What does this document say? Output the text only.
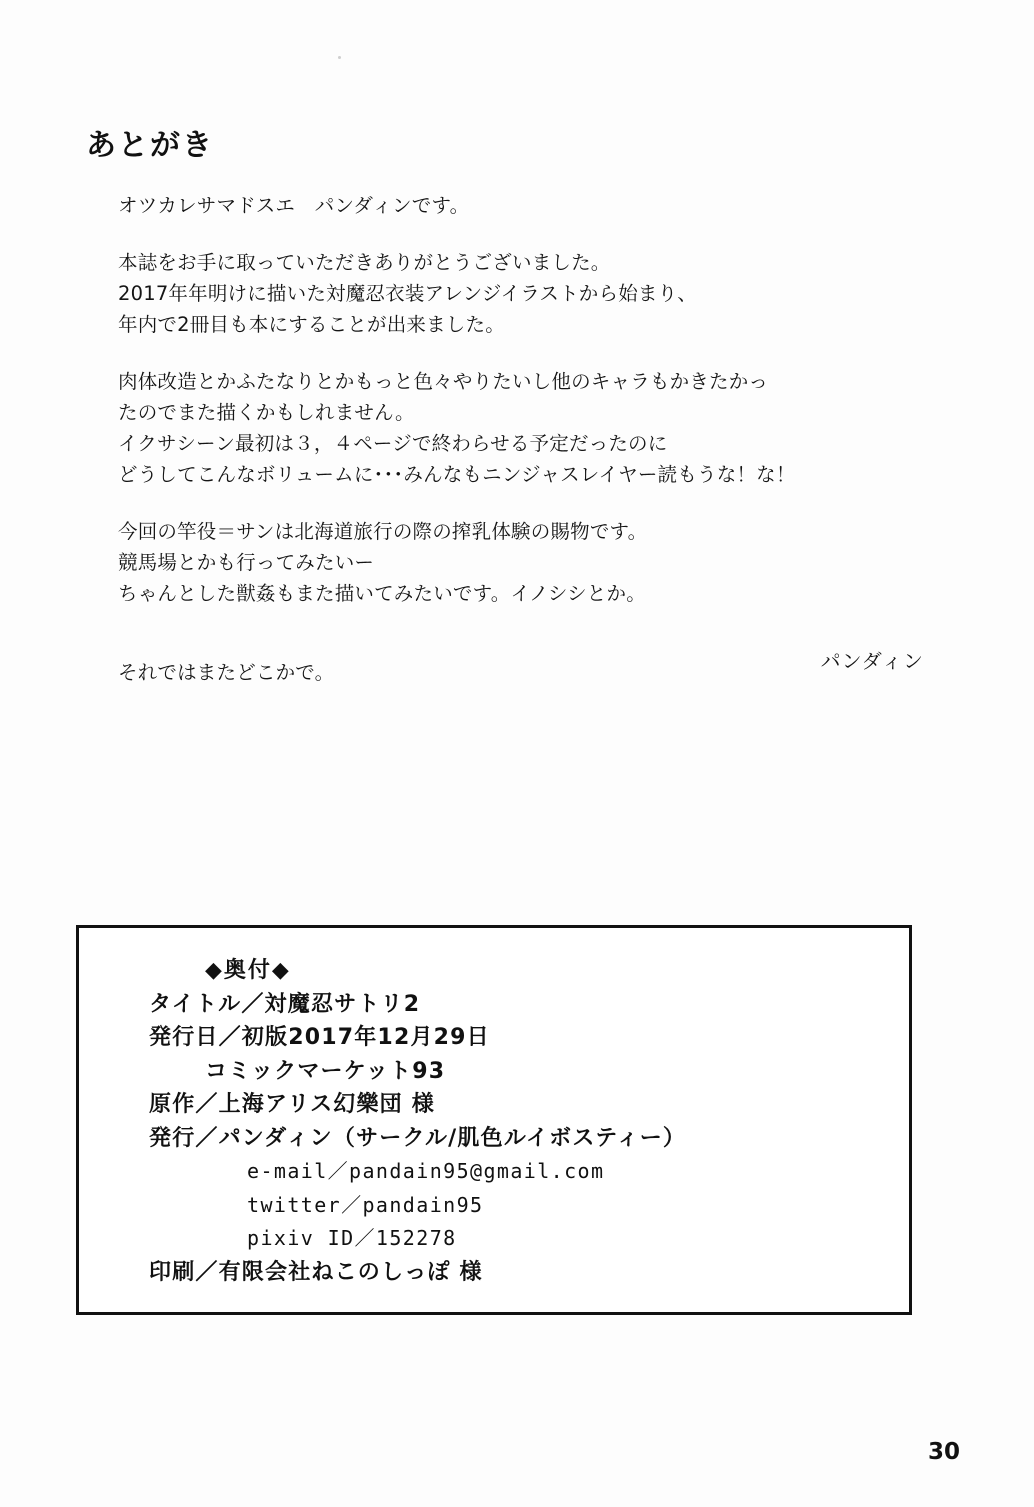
あとがき
オツカレサマドスエ　パンダィンです。
本誌をお手に取っていただきありがとうございました。
2017年年明けに描いた対魔忍衣装アレンジイラストから始まり、
年内で2冊目も本にすることが出来ました。
肉体改造とかふたなりとかもっと色々やりたいし他のキャラもかきたかっ
たのでまた描くかもしれません。
イクサシーン最初は３，４ページで終わらせる予定だったのに
どうしてこんなボリュームに･･･みんなもニンジャスレイヤー読もうな！な！
今回の竿役＝サンは北海道旅行の際の搾乳体験の賜物です。
競馬場とかも行ってみたいー
ちゃんとした獣姦もまた描いてみたいです。イノシシとか。
それではまたどこかで。	パンダィン
◆奥付◆
タイトル／対魔忍サトリ2
発行日／初版2017年12月29日
コミックマーケット93
原作／上海アリス幻樂団 様
発行／パンダィン（サークル/肌色ルイボスティー）
e-mail／pandain95@gmail.com
twitter／pandain95
pixiv ID／152278
印刷／有限会社ねこのしっぽ 様
30
